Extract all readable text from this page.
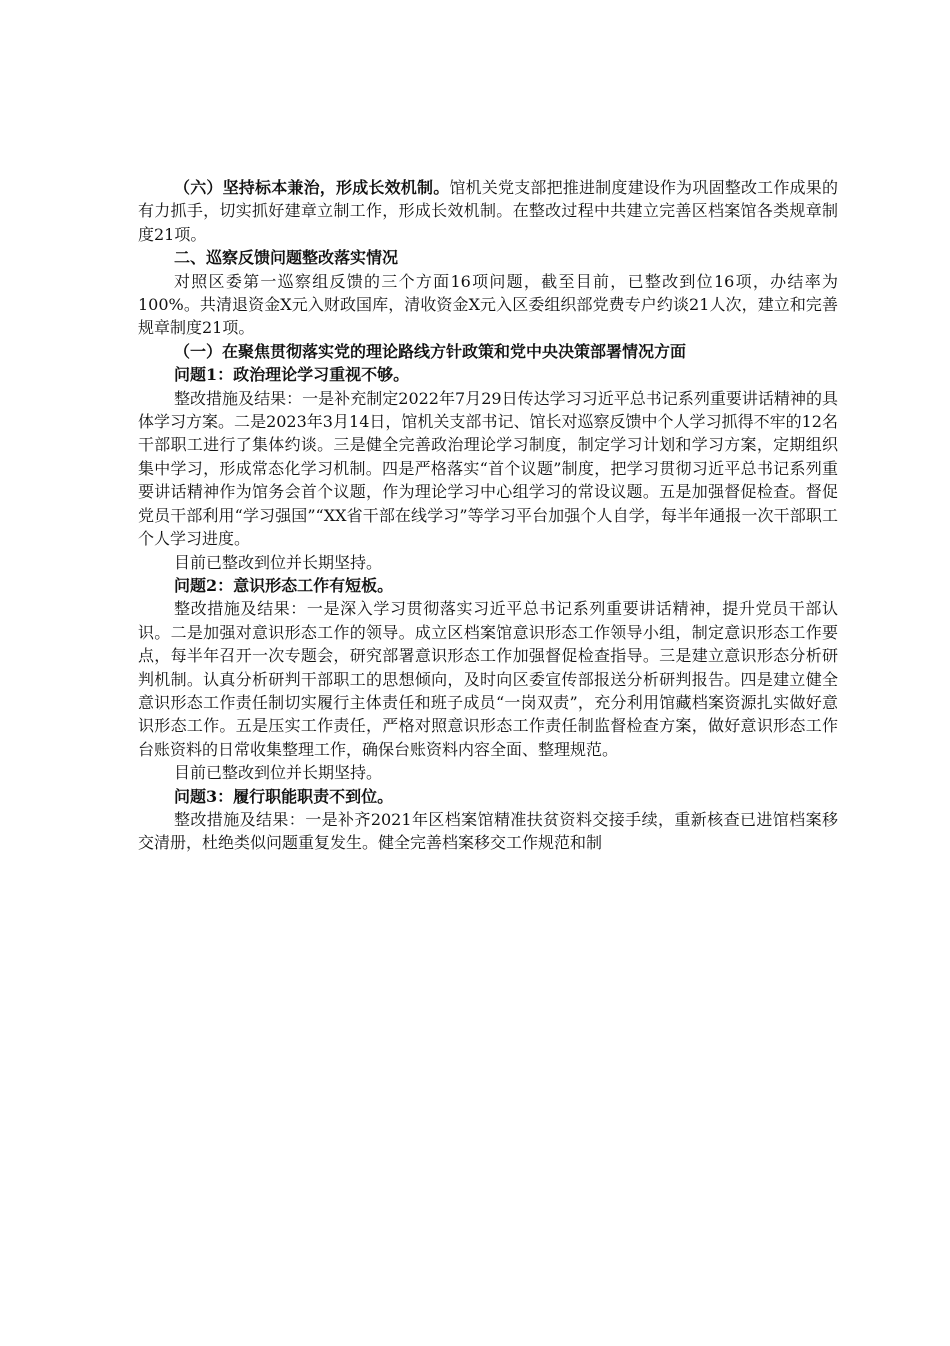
（六）坚持标本兼治，形成长效机制。馆机关党支部把推进制度建设作为巩固整改工作成果的有力抓手，切实抓好建章立制工作，形成长效机制。在整改过程中共建立完善区档案馆各类规章制度21项。

二、巡察反馈问题整改落实情况

对照区委第一巡察组反馈的三个方面16项问题，截至目前，已整改到位16项，办结率为100%。共清退资金X元入财政国库，清收资金X元入区委组织部党费专户约谈21人次，建立和完善规章制度21项。

（一）在聚焦贯彻落实党的理论路线方针政策和党中央决策部署情况方面

问题1：政治理论学习重视不够。

整改措施及结果：一是补充制定2022年7月29日传达学习习近平总书记系列重要讲话精神的具体学习方案。二是2023年3月14日，馆机关支部书记、馆长对巡察反馈中个人学习抓得不牢的12名干部职工进行了集体约谈。三是健全完善政治理论学习制度，制定学习计划和学习方案，定期组织集中学习，形成常态化学习机制。四是严格落实“首个议题”制度，把学习贯彻习近平总书记系列重要讲话精神作为馆务会首个议题，作为理论学习中心组学习的常设议题。五是加强督促检查。督促党员干部利用“学习强国”“XX省干部在线学习”等学习平台加强个人自学，每半年通报一次干部职工个人学习进度。

目前已整改到位并长期坚持。

问题2：意识形态工作有短板。

整改措施及结果：一是深入学习贯彻落实习近平总书记系列重要讲话精神，提升党员干部认识。二是加强对意识形态工作的领导。成立区档案馆意识形态工作领导小组，制定意识形态工作要点，每半年召开一次专题会，研究部署意识形态工作加强督促检查指导。三是建立意识形态分析研判机制。认真分析研判干部职工的思想倾向，及时向区委宣传部报送分析研判报告。四是建立健全意识形态工作责任制切实履行主体责任和班子成员“一岗双责”，充分利用馆藏档案资源扎实做好意识形态工作。五是压实工作责任，严格对照意识形态工作责任制监督检查方案，做好意识形态工作台账资料的日常收集整理工作，确保台账资料内容全面、整理规范。

目前已整改到位并长期坚持。

问题3：履行职能职责不到位。

整改措施及结果：一是补齐2021年区档案馆精准扶贫资料交接手续，重新核查已进馆档案移交清册，杜绝类似问题重复发生。健全完善档案移交工作规范和制
